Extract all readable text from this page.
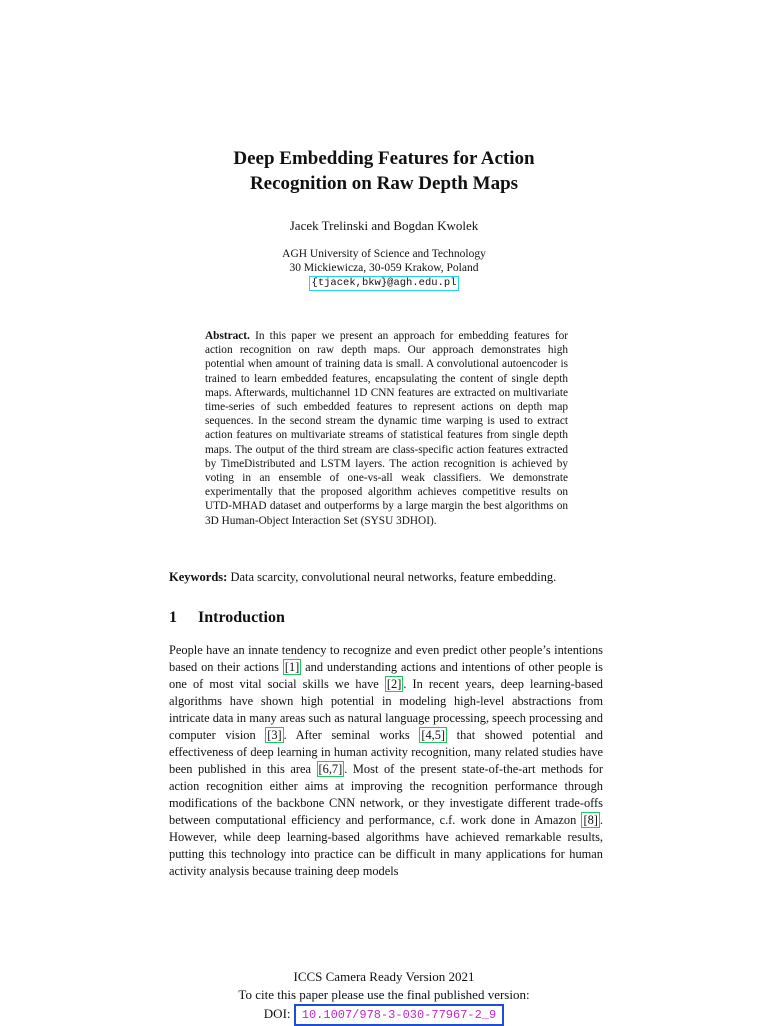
Deep Embedding Features for Action
Recognition on Raw Depth Maps
Jacek Trelinski and Bogdan Kwolek
AGH University of Science and Technology
30 Mickiewicza, 30-059 Krakow, Poland
{tjacek,bkw}@agh.edu.pl
Abstract. In this paper we present an approach for embedding features for action recognition on raw depth maps. Our approach demonstrates high potential when amount of training data is small. A convolutional autoencoder is trained to learn embedded features, encapsulating the content of single depth maps. Afterwards, multichannel 1D CNN features are extracted on multivariate time-series of such embedded features to represent actions on depth map sequences. In the second stream the dynamic time warping is used to extract action features on multivariate streams of statistical features from single depth maps. The output of the third stream are class-specific action features extracted by TimeDistributed and LSTM layers. The action recognition is achieved by voting in an ensemble of one-vs-all weak classifiers. We demonstrate experimentally that the proposed algorithm achieves competitive results on UTD-MHAD dataset and outperforms by a large margin the best algorithms on 3D Human-Object Interaction Set (SYSU 3DHOI).
Keywords: Data scarcity, convolutional neural networks, feature embedding.
1 Introduction
People have an innate tendency to recognize and even predict other people’s intentions based on their actions [1] and understanding actions and intentions of other people is one of most vital social skills we have [2] . In recent years, deep learning-based algorithms have shown high potential in modeling high-level abstractions from intricate data in many areas such as natural language processing, speech processing and computer vision [3] . After seminal works [4,5] that showed potential and effectiveness of deep learning in human activity recognition, many related studies have been published in this area [6,7] . Most of the present state-of-the-art methods for action recognition either aims at improving the recognition performance through modifications of the backbone CNN network, or they investigate different trade-offs between computational efficiency and performance, c.f. work done in Amazon [8] . However, while deep learning-based algorithms have achieved remarkable results, putting this technology into practice can be difficult in many applications for human activity analysis because training deep models
ICCS Camera Ready Version 2021
To cite this paper please use the final published version:
DOI: 10.1007/978-3-030-77967-2_9
